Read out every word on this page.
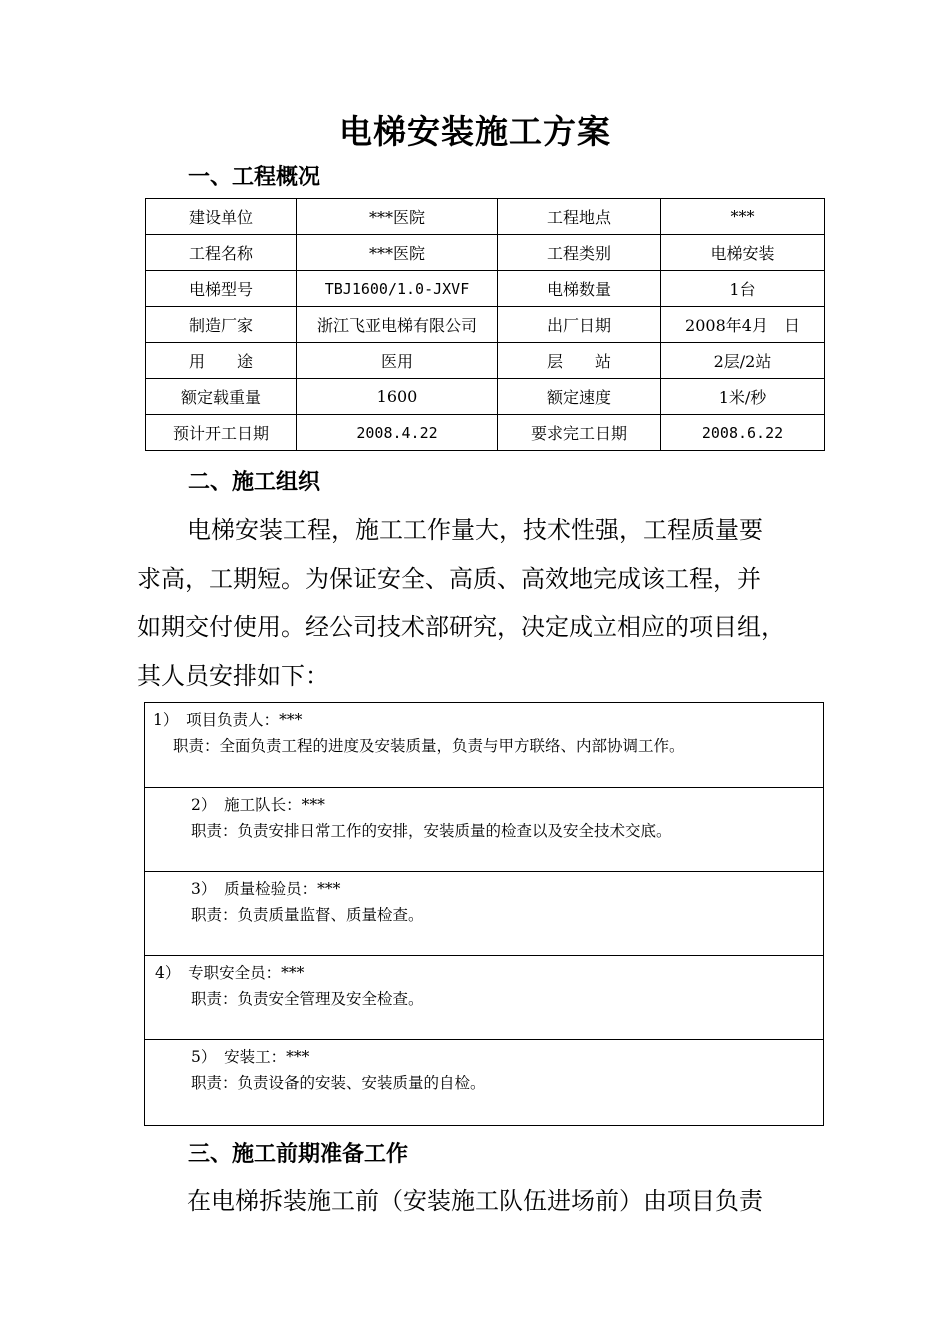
电梯安装施工方案
一、工程概况
建设单位	***医院	工程地点	***
工程名称	***医院	工程类别	电梯安装
电梯型号	TBJ1600/1.0-JXVF	电梯数量	1台
制造厂家	浙江飞亚电梯有限公司	出厂日期	2008年4月　日
用　　途	医用	层　　站	2层/2站
额定载重量	1600	额定速度	1米/秒
预计开工日期	2008.4.22	要求完工日期	2008.6.22
二、施工组织
电梯安装工程，施工工作量大，技术性强，工程质量要
求高，工期短。为保证安全、高质、高效地完成该工程，并
如期交付使用。经公司技术部研究，决定成立相应的项目组，
其人员安排如下：
1）　项目负责人：***
职责：全面负责工程的进度及安装质量，负责与甲方联络、内部协调工作。
2）　施工队长：***
职责：负责安排日常工作的安排，安装质量的检查以及安全技术交底。
3）　质量检验员：***
职责：负责质量监督、质量检查。
4）　专职安全员：***
职责：负责安全管理及安全检查。
5）　安装工：***
职责：负责设备的安装、安装质量的自检。
三、施工前期准备工作
在电梯拆装施工前（安装施工队伍进场前）由项目负责
